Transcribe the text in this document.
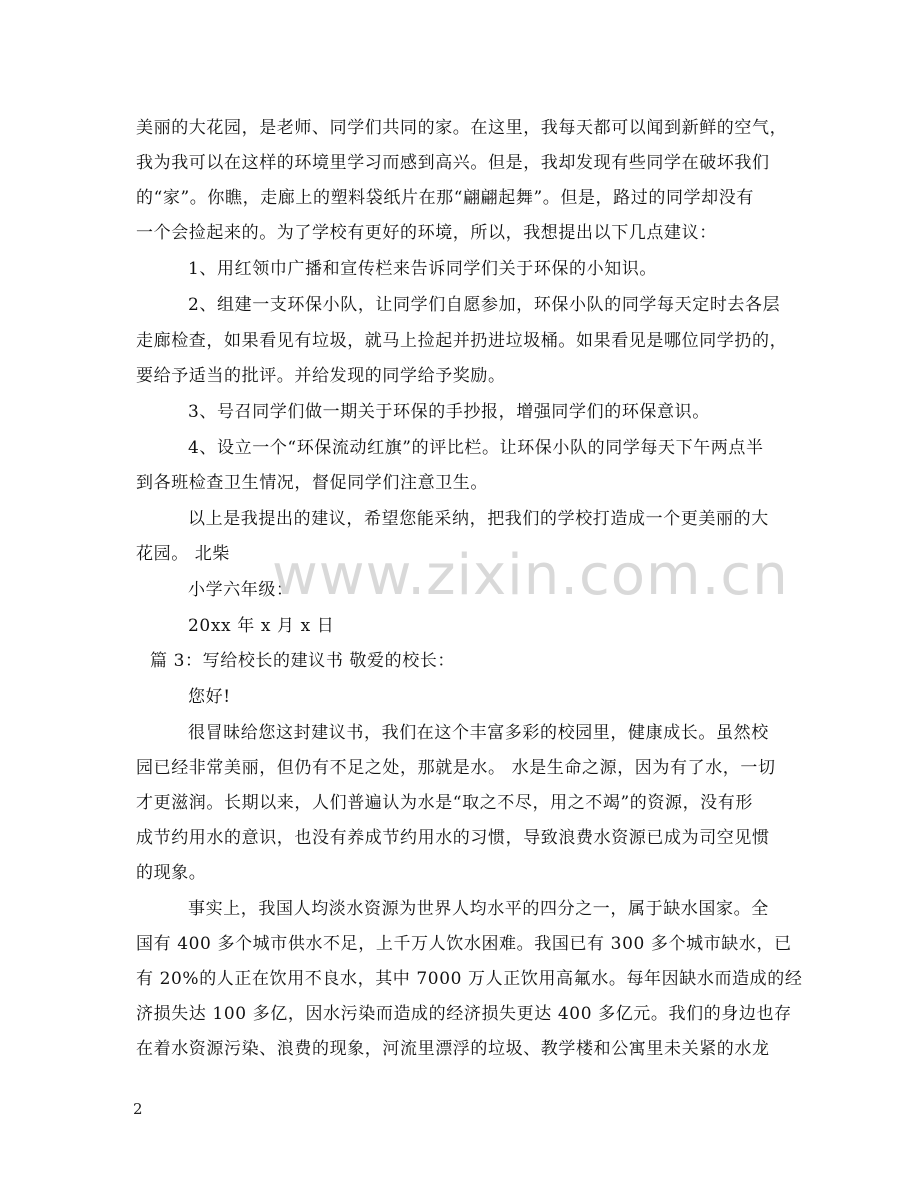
美丽的大花园，是老师、同学们共同的家。在这里，我每天都可以闻到新鲜的空气，
我为我可以在这样的环境里学习而感到高兴。但是，我却发现有些同学在破坏我们
的“家”。你瞧，走廊上的塑料袋纸片在那“翩翩起舞”。但是，路过的同学却没有
一个会捡起来的。为了学校有更好的环境，所以，我想提出以下几点建议：
1、用红领巾广播和宣传栏来告诉同学们关于环保的小知识。
2、组建一支环保小队，让同学们自愿参加，环保小队的同学每天定时去各层
走廊检查，如果看见有垃圾，就马上捡起并扔进垃圾桶。如果看见是哪位同学扔的，
要给予适当的批评。并给发现的同学给予奖励。
3、号召同学们做一期关于环保的手抄报，增强同学们的环保意识。
4、设立一个“环保流动红旗”的评比栏。让环保小队的同学每天下午两点半
到各班检查卫生情况，督促同学们注意卫生。
以上是我提出的建议，希望您能采纳，把我们的学校打造成一个更美丽的大
花园。 北柴
小学六年级：
20xx 年 x 月 x 日
篇 3：写给校长的建议书 敬爱的校长：
您好!
很冒昧给您这封建议书，我们在这个丰富多彩的校园里，健康成长。虽然校
园已经非常美丽，但仍有不足之处，那就是水。 水是生命之源，因为有了水，一切
才更滋润。长期以来，人们普遍认为水是“取之不尽，用之不竭”的资源，没有形
成节约用水的意识，也没有养成节约用水的习惯，导致浪费水资源已成为司空见惯
的现象。
事实上，我国人均淡水资源为世界人均水平的四分之一，属于缺水国家。全
国有 400 多个城市供水不足，上千万人饮水困难。我国已有 300 多个城市缺水，已
有 20%的人正在饮用不良水，其中 7000 万人正饮用高氟水。每年因缺水而造成的经
济损失达 100 多亿，因水污染而造成的经济损失更达 400 多亿元。我们的身边也存
在着水资源污染、浪费的现象，河流里漂浮的垃圾、教学楼和公寓里未关紧的水龙
www.zixin.com.cn
2
